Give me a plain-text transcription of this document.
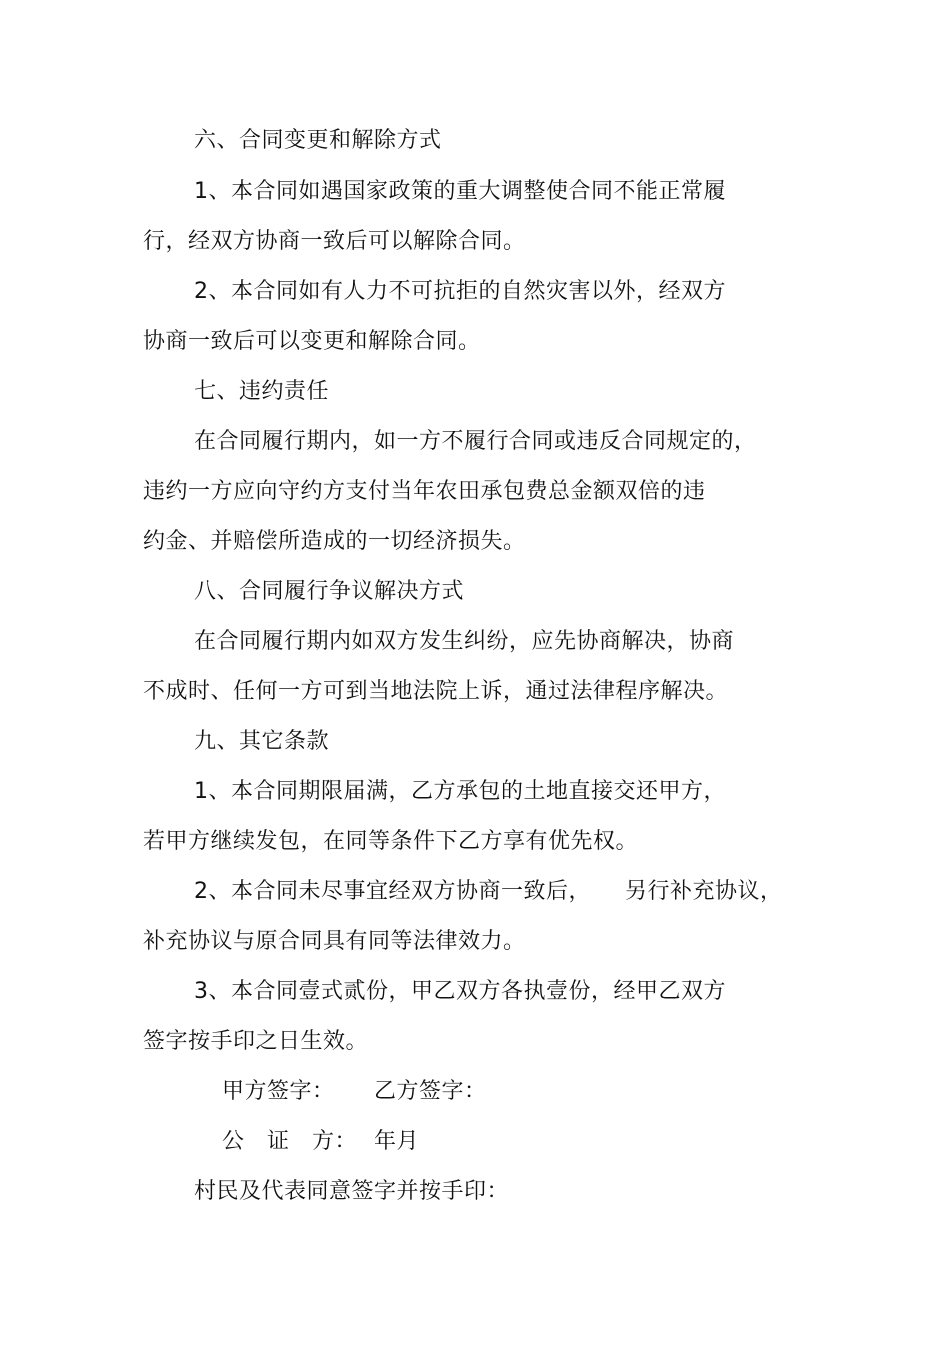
六、合同变更和解除方式
1、本合同如遇国家政策的重大调整使合同不能正常履
行，经双方协商一致后可以解除合同。
2、本合同如有人力不可抗拒的自然灾害以外，经双方
协商一致后可以变更和解除合同。
七、违约责任
在合同履行期内，如一方不履行合同或违反合同规定的，
违约一方应向守约方支付当年农田承包费总金额双倍的违
约金、并赔偿所造成的一切经济损失。
八、合同履行争议解决方式
在合同履行期内如双方发生纠纷，应先协商解决，协商
不成时、任何一方可到当地法院上诉，通过法律程序解决。
九、其它条款
1、本合同期限届满，乙方承包的土地直接交还甲方，
若甲方继续发包，在同等条件下乙方享有优先权。
2、本合同未尽事宜经双方协商一致后，　　另行补充协议，
补充协议与原合同具有同等法律效力。
3、本合同壹式贰份，甲乙双方各执壹份，经甲乙双方
签字按手印之日生效。
甲方签字： 乙方签字：
公　证　方： 年月
村民及代表同意签字并按手印：
